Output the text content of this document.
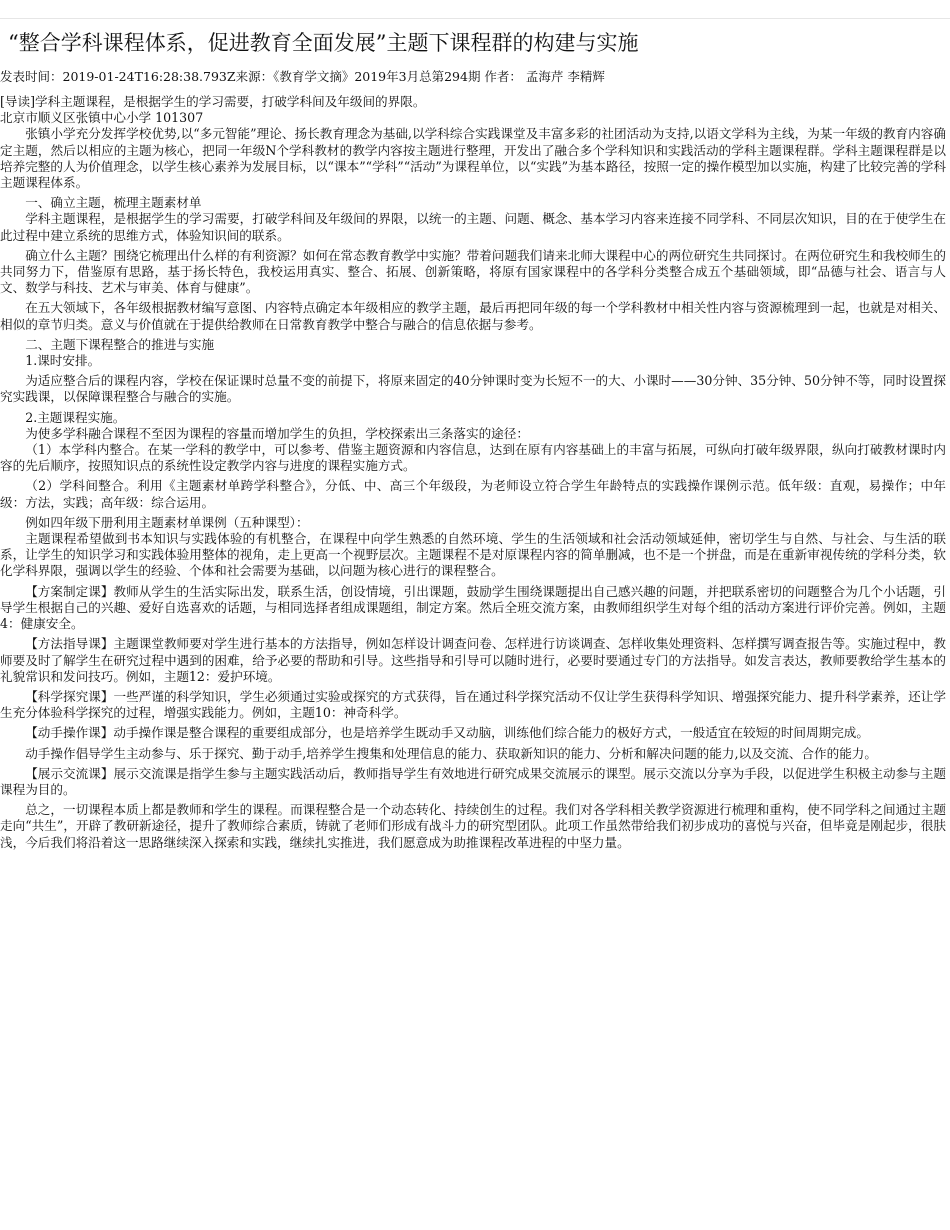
“整合学科课程体系，促进教育全面发展”主题下课程群的构建与实施
发表时间：2019-01-24T16:28:38.793Z来源：《教育学文摘》2019年3月总第294期 作者： 孟海芹 李精辉

[导读]学科主题课程，是根据学生的学习需要，打破学科间及年级间的界限。

北京市顺义区张镇中心小学 101307

张镇小学充分发挥学校优势,以“多元智能”理论、扬长教育理念为基础,以学科综合实践课堂及丰富多彩的社团活动为支持,以语文学科为主线，为某一年级的教育内容确定主题，然后以相应的主题为核心，把同一年级N个学科教材的教学内容按主题进行整理，开发出了融合多个学科知识和实践活动的学科主题课程群。学科主题课程群是以培养完整的人为价值理念，以学生核心素养为发展目标，以“课本”“学科”“活动”为课程单位，以“实践”为基本路径，按照一定的操作模型加以实施，构建了比较完善的学科主题课程体系。

一、确立主题，梳理主题素材单

学科主题课程，是根据学生的学习需要，打破学科间及年级间的界限，以统一的主题、问题、概念、基本学习内容来连接不同学科、不同层次知识，目的在于使学生在此过程中建立系统的思维方式，体验知识间的联系。

确立什么主题？围绕它梳理出什么样的有利资源？如何在常态教育教学中实施？带着问题我们请来北师大课程中心的两位研究生共同探讨。在两位研究生和我校师生的共同努力下，借鉴原有思路，基于扬长特色，我校运用真实、整合、拓展、创新策略，将原有国家课程中的各学科分类整合成五个基础领域，即“品德与社会、语言与人文、数学与科技、艺术与审美、体育与健康”。

在五大领域下，各年级根据教材编写意图、内容特点确定本年级相应的教学主题，最后再把同年级的每一个学科教材中相关性内容与资源梳理到一起，也就是对相关、相似的章节归类。意义与价值就在于提供给教师在日常教育教学中整合与融合的信息依据与参考。

二、主题下课程整合的推进与实施

1.课时安排。

为适应整合后的课程内容，学校在保证课时总量不变的前提下，将原来固定的40分钟课时变为长短不一的大、小课时——30分钟、35分钟、50分钟不等，同时设置探究实践课，以保障课程整合与融合的实施。

2.主题课程实施。

为使多学科融合课程不至因为课程的容量而增加学生的负担，学校探索出三条落实的途径：

（1）本学科内整合。在某一学科的教学中，可以参考、借鉴主题资源和内容信息，达到在原有内容基础上的丰富与拓展，可纵向打破年级界限，纵向打破教材课时内容的先后顺序，按照知识点的系统性设定教学内容与进度的课程实施方式。

（2）学科间整合。利用《主题素材单跨学科整合》，分低、中、高三个年级段，为老师设立符合学生年龄特点的实践操作课例示范。低年级：直观，易操作；中年级：方法，实践；高年级：综合运用。

例如四年级下册利用主题素材单课例（五种课型）：

主题课程希望做到书本知识与实践体验的有机整合，在课程中向学生熟悉的自然环境、学生的生活领域和社会活动领域延伸，密切学生与自然、与社会、与生活的联系，让学生的知识学习和实践体验用整体的视角，走上更高一个视野层次。主题课程不是对原课程内容的简单删减，也不是一个拼盘，而是在重新审视传统的学科分类，软化学科界限，强调以学生的经验、个体和社会需要为基础，以问题为核心进行的课程整合。

【方案制定课】教师从学生的生活实际出发，联系生活，创设情境，引出课题，鼓励学生围绕课题提出自己感兴趣的问题，并把联系密切的问题整合为几个小话题，引导学生根据自己的兴趣、爱好自选喜欢的话题，与相同选择者组成课题组，制定方案。然后全班交流方案，由教师组织学生对每个组的活动方案进行评价完善。例如，主题4：健康安全。

【方法指导课】主题课堂教师要对学生进行基本的方法指导，例如怎样设计调查问卷、怎样进行访谈调查、怎样收集处理资料、怎样撰写调查报告等。实施过程中，教师要及时了解学生在研究过程中遇到的困难，给予必要的帮助和引导。这些指导和引导可以随时进行，必要时要通过专门的方法指导。如发言表达，教师要教给学生基本的礼貌常识和发问技巧。例如，主题12：爱护环境。

【科学探究课】一些严谨的科学知识，学生必须通过实验或探究的方式获得，旨在通过科学探究活动不仅让学生获得科学知识、增强探究能力、提升科学素养，还让学生充分体验科学探究的过程，增强实践能力。例如，主题10：神奇科学。

【动手操作课】动手操作课是整合课程的重要组成部分，也是培养学生既动手又动脑，训练他们综合能力的极好方式，一般适宜在较短的时间周期完成。

动手操作倡导学生主动参与、乐于探究、勤于动手,培养学生搜集和处理信息的能力、获取新知识的能力、分析和解决问题的能力,以及交流、合作的能力。

【展示交流课】展示交流课是指学生参与主题实践活动后，教师指导学生有效地进行研究成果交流展示的课型。展示交流以分享为手段，以促进学生积极主动参与主题课程为目的。

总之，一切课程本质上都是教师和学生的课程。而课程整合是一个动态转化、持续创生的过程。我们对各学科相关教学资源进行梳理和重构，使不同学科之间通过主题走向“共生”，开辟了教研新途径，提升了教师综合素质，铸就了老师们形成有战斗力的研究型团队。此项工作虽然带给我们初步成功的喜悦与兴奋，但毕竟是刚起步，很肤浅，今后我们将沿着这一思路继续深入探索和实践，继续扎实推进，我们愿意成为助推课程改革进程的中坚力量。
